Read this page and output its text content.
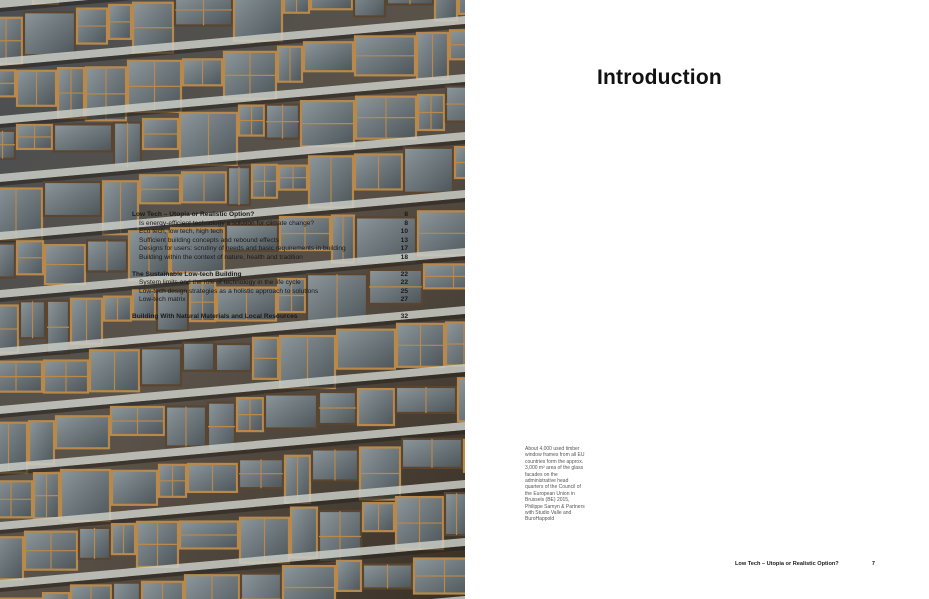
Introduction
Low Tech – Utopia or Realistic Option?	8
Is energy-efficient technology a solution for climate change?	8
Eco tech, low tech, high tech	10
Sufficient building concepts and rebound effects	13
Designs for users: scrutiny of needs and basic requirements in building	17
Building within the context of nature, health and tradition	18
The Sustainable Low-tech Building	22
System limits and the role of technology in the life cycle	22
Low-tech design strategies as a holistic approach to solutions	25
Low-tech matrix	27
Building With Natural Materials and Local Resources	32
About 4,000 used timber window frames from all EU countries form the approx. 3,000 m² area of the glass facades on the administrative head quarters of the Council of the European Union in Brussels (BE) 2015, Philippe Samyn & Partners with Studio Valle and BuroHappold
Low Tech – Utopia or Realistic Option?	7
